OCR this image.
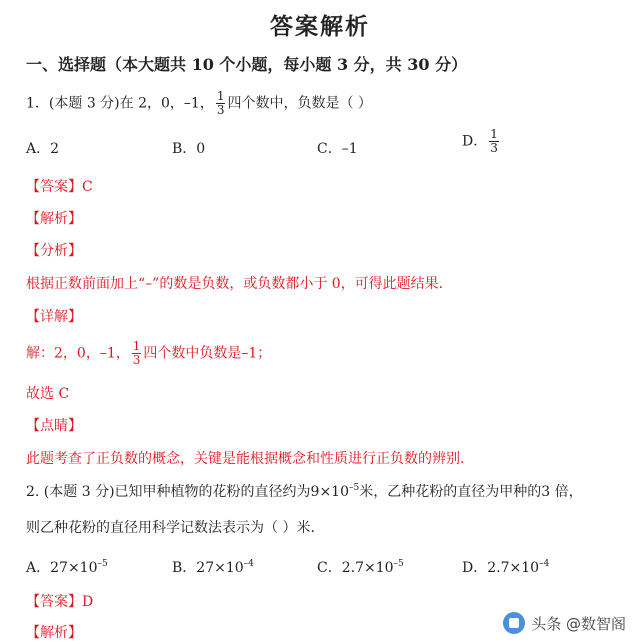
答案解析
一、选择题（本大题共 10 个小题，每小题 3 分，共 30 分）
1．(本题 3 分)在 2，0，–1， $\frac{1}{3}$ 四个数中，负数是（ ）
A．2	B．0	C．–1	D． $\frac{1}{3}$
【答案】C
【解析】
【分析】
根据正数前面加上“–”的数是负数，或负数都小于 0，可得此题结果.
【详解】
解：2，0，–1， $\frac{1}{3}$ 四个数中负数是–1；
故选 C
【点睛】
此题考查了正负数的概念，关键是能根据概念和性质进行正负数的辨别.
2. (本题 3 分)已知甲种植物的花粉的直径约为$9\times 10^{-5}$米，乙种花粉的直径为甲种的3 倍，
则乙种花粉的直径用科学记数法表示为（ ）米.
A．$27\times 10^{-5}$	B．$27\times 10^{-4}$	C．$2.7\times 10^{-5}$	D．$2.7\times 10^{-4}$
【答案】D
【解析】
头条 @数智阁
